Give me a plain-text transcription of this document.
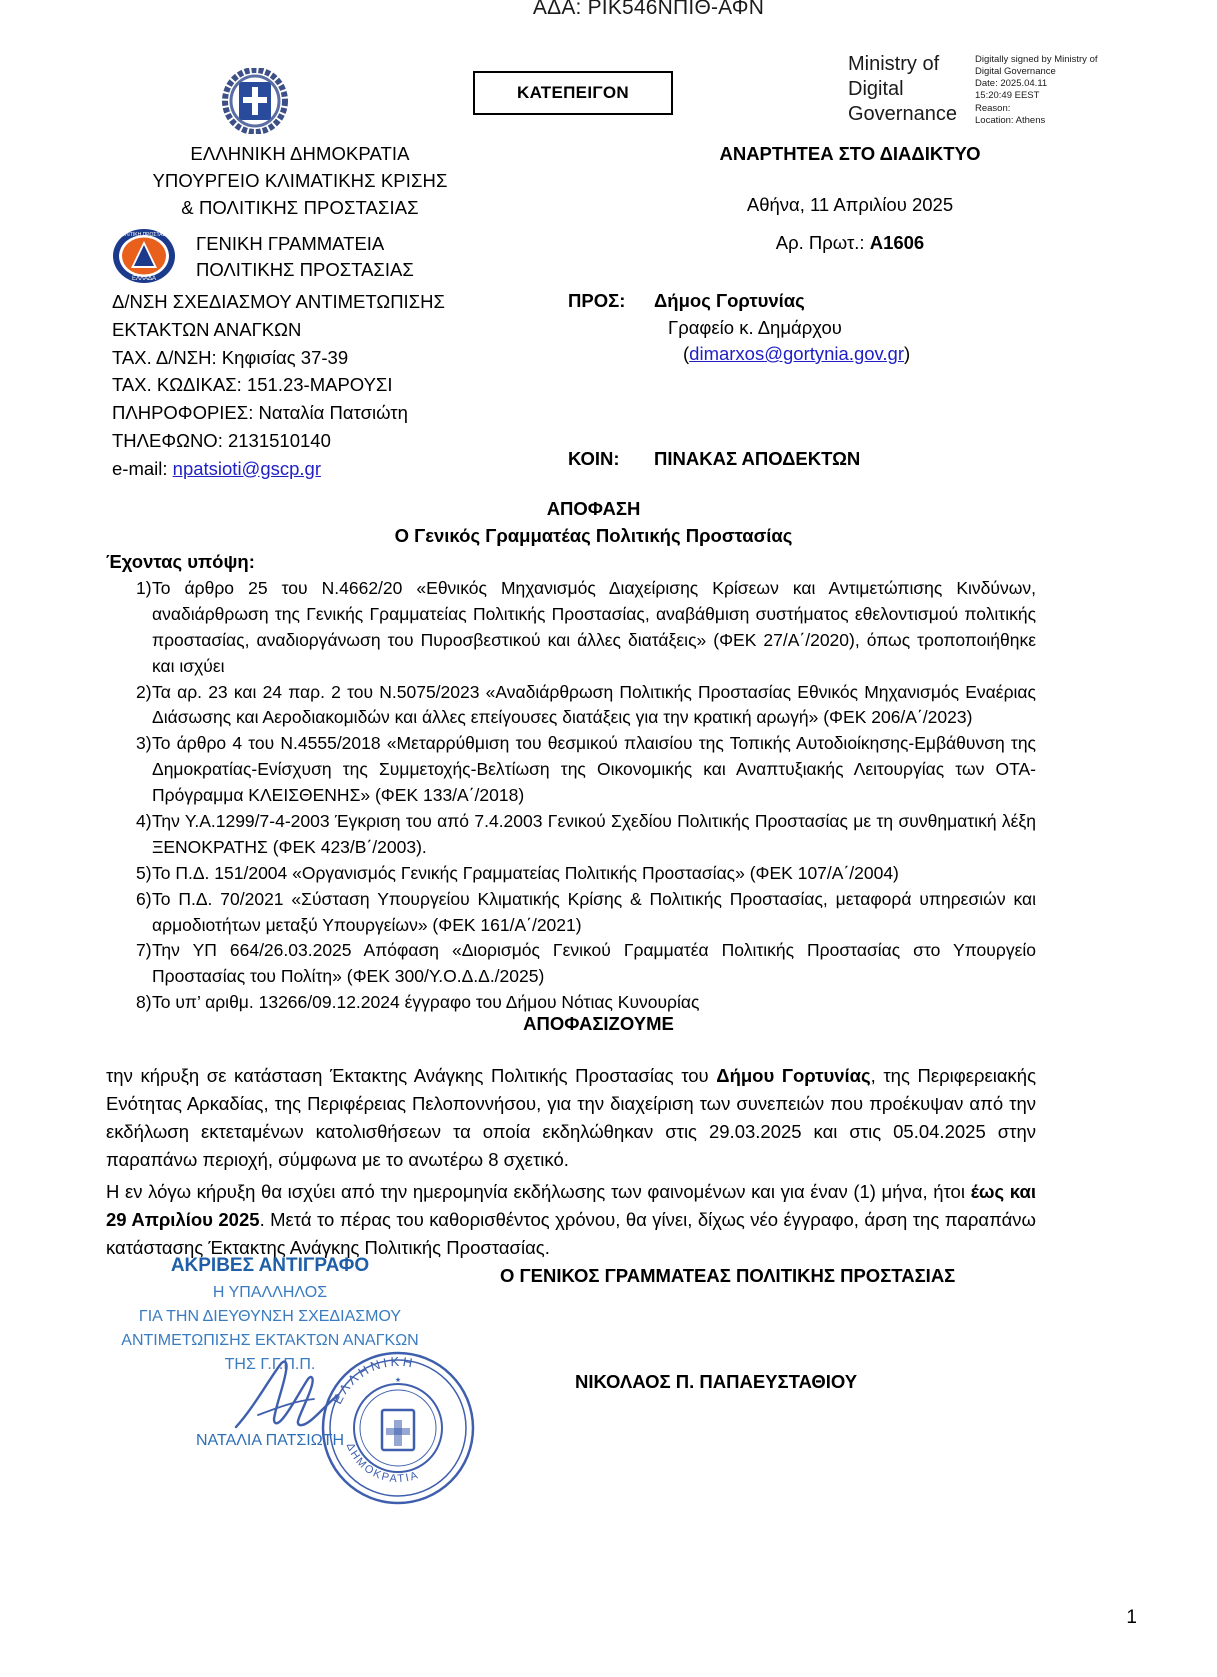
ΑΔΑ: ΡΙΚ546ΝΠΙΘ-ΑΦΝ
ΚΑΤΕΠΕΙΓΟΝ
Ministry of Digital Governance
Digitally signed by Ministry of Digital Governance
Date: 2025.04.11
15:20:49 EEST
Reason:
Location: Athens
ΕΛΛΗΝΙΚΗ ΔΗΜΟΚΡΑΤΙΑ
ΥΠΟΥΡΓΕΙΟ ΚΛΙΜΑΤΙΚΗΣ ΚΡΙΣΗΣ
& ΠΟΛΙΤΙΚΗΣ ΠΡΟΣΤΑΣΙΑΣ
ΠΟΛΙΤΙΚΗ ΠΡΟΣΤΑΣΙΑ
ΕΛΛΑΔΑ
ΓΕΝΙΚΗ ΓΡΑΜΜΑΤΕΙΑ
ΠΟΛΙΤΙΚΗΣ ΠΡΟΣΤΑΣΙΑΣ
Δ/ΝΣΗ ΣΧΕΔΙΑΣΜΟΥ ΑΝΤΙΜΕΤΩΠΙΣΗΣ
ΕΚΤΑΚΤΩΝ ΑΝΑΓΚΩΝ
ΤΑΧ. Δ/ΝΣΗ: Κηφισίας 37-39
ΤΑΧ. ΚΩΔΙΚΑΣ: 151.23-ΜΑΡΟΥΣΙ
ΠΛΗΡΟΦΟΡΙΕΣ: Ναταλία Πατσιώτη
ΤΗΛΕΦΩΝΟ: 2131510140
e-mail: npatsioti@gscp.gr
ΑΝΑΡΤΗΤΕΑ ΣΤΟ ΔΙΑΔΙΚΤΥΟ
Αθήνα, 11 Απριλίου 2025
Αρ. Πρωτ.: Α1606
ΠΡΟΣ: Δήμος Γορτυνίας
Γραφείο κ. Δημάρχου
(dimarxos@gortynia.gov.gr)
ΚΟΙΝ: ΠΙΝΑΚΑΣ ΑΠΟΔΕΚΤΩΝ
ΑΠΟΦΑΣΗ
Ο Γενικός Γραμματέας Πολιτικής Προστασίας
Έχοντας υπόψη:
1) Το άρθρο 25 του Ν.4662/20 «Εθνικός Μηχανισμός Διαχείρισης Κρίσεων και Αντιμετώπισης Κινδύνων, αναδιάρθρωση της Γενικής Γραμματείας Πολιτικής Προστασίας, αναβάθμιση συστήματος εθελοντισμού πολιτικής προστασίας, αναδιοργάνωση του Πυροσβεστικού και άλλες διατάξεις» (ΦΕΚ 27/Α΄/2020), όπως τροποποιήθηκε και ισχύει
2) Τα αρ. 23 και 24 παρ. 2 του Ν.5075/2023 «Αναδιάρθρωση Πολιτικής Προστασίας Εθνικός Μηχανισμός Εναέριας Διάσωσης και Αεροδιακομιδών και άλλες επείγουσες διατάξεις για την κρατική αρωγή» (ΦΕΚ 206/Α΄/2023)
3) Το άρθρο 4 του Ν.4555/2018 «Μεταρρύθμιση του θεσμικού πλαισίου της Τοπικής Αυτοδιοίκησης-Εμβάθυνση της Δημοκρατίας-Ενίσχυση της Συμμετοχής-Βελτίωση της Οικονομικής και Αναπτυξιακής Λειτουργίας των ΟΤΑ-Πρόγραμμα ΚΛΕΙΣΘΕΝΗΣ» (ΦΕΚ 133/Α΄/2018)
4) Την Υ.Α.1299/7-4-2003 Έγκριση του από 7.4.2003 Γενικού Σχεδίου Πολιτικής Προστασίας με τη συνθηματική λέξη ΞΕΝΟΚΡΑΤΗΣ (ΦΕΚ 423/Β΄/2003).
5) Το Π.Δ. 151/2004 «Οργανισμός Γενικής Γραμματείας Πολιτικής Προστασίας» (ΦΕΚ 107/Α΄/2004)
6) Το Π.Δ. 70/2021 «Σύσταση Υπουργείου Κλιματικής Κρίσης & Πολιτικής Προστασίας, μεταφορά υπηρεσιών και αρμοδιοτήτων μεταξύ Υπουργείων» (ΦΕΚ 161/Α΄/2021)
7) Την ΥΠ 664/26.03.2025 Απόφαση «Διορισμός Γενικού Γραμματέα Πολιτικής Προστασίας στο Υπουργείο Προστασίας του Πολίτη» (ΦΕΚ 300/Υ.Ο.Δ.Δ./2025)
8) Το υπ’ αριθμ. 13266/09.12.2024 έγγραφο του Δήμου Νότιας Κυνουρίας
ΑΠΟΦΑΣΙΖΟΥΜΕ
την κήρυξη σε κατάσταση Έκτακτης Ανάγκης Πολιτικής Προστασίας του Δήμου Γορτυνίας, της Περιφερειακής Ενότητας Αρκαδίας, της Περιφέρειας Πελοποννήσου, για την διαχείριση των συνεπειών που προέκυψαν από την εκδήλωση εκτεταμένων κατολισθήσεων τα οποία εκδηλώθηκαν στις 29.03.2025 και στις 05.04.2025 στην παραπάνω περιοχή, σύμφωνα με το ανωτέρω 8 σχετικό.
Η εν λόγω κήρυξη θα ισχύει από την ημερομηνία εκδήλωσης των φαινομένων και για έναν (1) μήνα, ήτοι έως και 29 Απριλίου 2025. Μετά το πέρας του καθορισθέντος χρόνου, θα γίνει, δίχως νέο έγγραφο, άρση της παραπάνω κατάστασης Έκτακτης Ανάγκης Πολιτικής Προστασίας.
ΑΚΡΙΒΕΣ ΑΝΤΙΓΡΑΦΟ
Η ΥΠΑΛΛΗΛΟΣ
ΓΙΑ ΤΗΝ ΔΙΕΥΘΥΝΣΗ ΣΧΕΔΙΑΣΜΟΥ
ΑΝΤΙΜΕΤΩΠΙΣΗΣ ΕΚΤΑΚΤΩΝ ΑΝΑΓΚΩΝ
ΤΗΣ Γ.Γ.Π.Π.
ΕΛΛΗΝΙΚΗ
ΔΗΜΟΚΡΑΤΙΑ
★
ΝΑΤΑΛΙΑ ΠΑΤΣΙΩΤΗ
Ο ΓΕΝΙΚΟΣ ΓΡΑΜΜΑΤΕΑΣ ΠΟΛΙΤΙΚΗΣ ΠΡΟΣΤΑΣΙΑΣ
ΝΙΚΟΛΑΟΣ Π. ΠΑΠΑΕΥΣΤΑΘΙΟΥ
1
